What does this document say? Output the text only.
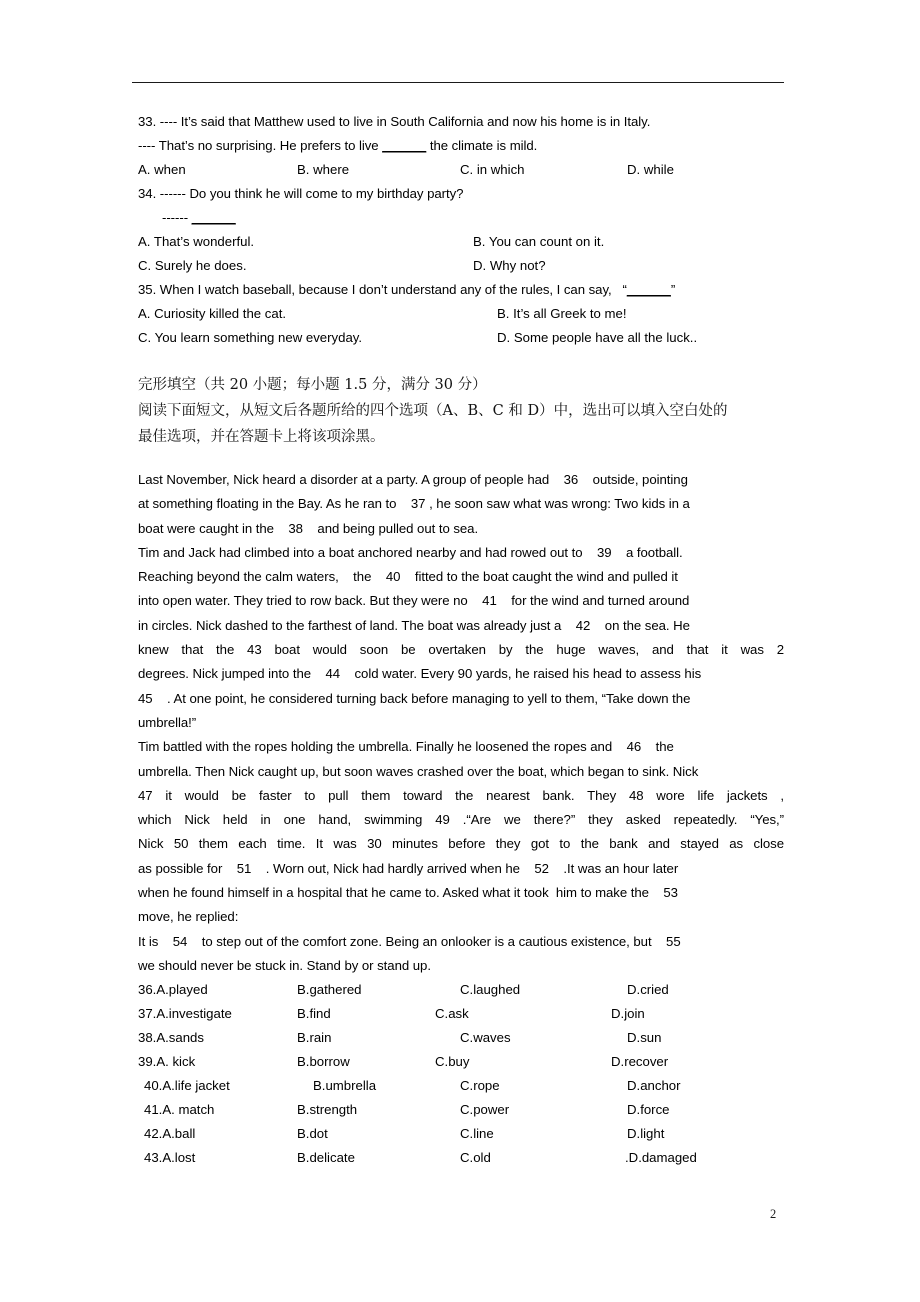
33. ---- It’s said that Matthew used to live in South California and now his home is in Italy.
---- That’s no surprising. He prefers to live ______ the climate is mild.
A. when	B. where	C. in which	D. while
34. ------ Do you think he will come to my birthday party?
------ ______
A. That’s wonderful.	B. You can count on it.
C. Surely he does.	D. Why not?
35. When I watch baseball, because I don’t understand any of the rules, I can say,   “______”
A. Curiosity killed the cat.	B. It’s all Greek to me!
C. You learn something new everyday.	D. Some people have all the luck..
完形填空（共 20 小题；每小题 1.5 分，满分 30 分）
阅读下面短文，从短文后各题所给的四个选项（A、B、C 和 D）中，选出可以填入空白处的
最佳选项，并在答题卡上将该项涂黑。
Last November, Nick heard a disorder at a party. A group of people had    36    outside, pointing
at something floating in the Bay. As he ran to    37 , he soon saw what was wrong: Two kids in a
boat were caught in the    38    and being pulled out to sea.
Tim and Jack had climbed into a boat anchored nearby and had rowed out to    39    a football.
Reaching beyond the calm waters,    the    40    fitted to the boat caught the wind and pulled it
into open water. They tried to row back. But they were no    41    for the wind and turned around
in circles. Nick dashed to the farthest of land. The boat was already just a    42    on the sea. He
knew that the 43 boat would soon be overtaken by the huge waves, and that it was 2
degrees. Nick jumped into the    44    cold water. Every 90 yards, he raised his head to assess his
45    . At one point, he considered turning back before managing to yell to them, “Take down the
umbrella!”
Tim battled with the ropes holding the umbrella. Finally he loosened the ropes and    46    the
umbrella. Then Nick caught up, but soon waves crashed over the boat, which began to sink. Nick
47 it would be faster to pull them toward the nearest bank. They 48 wore life jackets ,
which Nick held in one hand, swimming 49 .“Are we there?” they asked repeatedly. “Yes,”
Nick 50 them each time. It was 30 minutes before they got to the bank and stayed as close
as possible for    51    . Worn out, Nick had hardly arrived when he    52    .It was an hour later
when he found himself in a hospital that he came to. Asked what it took  him to make the    53
move, he replied:
It is    54    to step out of the comfort zone. Being an onlooker is a cautious existence, but    55
we should never be stuck in. Stand by or stand up.
36.A.played	B.gathered	C.laughed	D.cried
37.A.investigate	B.find	C.ask	D.join
38.A.sands	B.rain	C.waves	D.sun
39.A. kick	B.borrow	C.buy	D.recover
40.A.life jacket	B.umbrella	C.rope	D.anchor
41.A. match	B.strength	C.power	D.force
42.A.ball	B.dot	C.line	D.light
43.A.lost	B.delicate	C.old	.D.damaged
2
